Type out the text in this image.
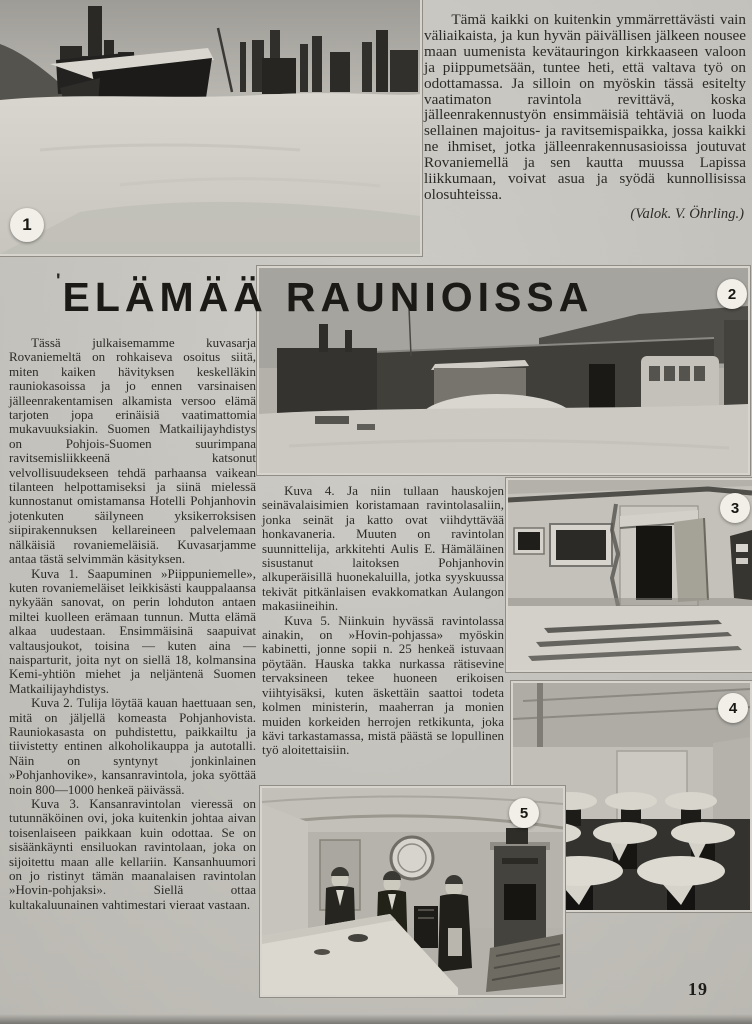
1

Tämä kaikki on kuitenkin ymmärrettävästi vain väliaikaista, ja kun hyvän päivällisen jälkeen nousee maan uumenista kevätauringon kirkkaaseen valoon ja piippumetsään, tuntee heti, että valtava työ on odottamassa. Ja silloin on myöskin tässä esitelty vaatimaton ravintola revittävä, koska jälleenrakennustyön ensimmäisiä tehtäviä on luoda sellainen majoitus- ja ravitsemispaikka, jossa kaikki ne ihmiset, jotka jälleenrakennusasioissa joutuvat Rovaniemellä ja sen kautta muussa Lapissa liikkumaan, voivat asua ja syödä kunnollisissa olosuhteissa.

(Valok. V. Öhrling.)
'ELÄMÄÄ RAUNIOISSA	2

Tässä julkaisemamme kuvasarja Rovaniemeltä on rohkaiseva osoitus siitä, miten kaiken hävityksen keskelläkin rauniokasoissa ja jo ennen varsinaisen jälleenrakentamisen alkamista versoo elämä tarjoten jopa erinäisiä vaatimattomia mukavuuksiakin. Suomen Matkailijayhdistys on Pohjois-Suomen suurimpana ravitsemisliikkeenä katsonut velvollisuudekseen tehdä parhaansa vaikean tilanteen helpottamiseksi ja siinä mielessä kunnostanut omistamansa Hotelli Pohjanhovin jotenkuten säilyneen yksikerroksisen siipirakennuksen kellareineen palvelemaan nälkäisiä rovaniemeläisiä. Kuvasarjamme antaa tästä selvimmän käsityksen.

Kuva 1. Saapuminen »Piippuniemelle», kuten rovaniemeläiset leikkisästi kauppalaansa nykyään sanovat, on perin lohduton antaen miltei kuolleen erämaan tunnun. Mutta elämä alkaa uudestaan. Ensimmäisinä saapuivat valtausjoukot, toisina — kuten aina — naisparturit, joita nyt on siellä 18, kolmansina Kemi-yhtiön miehet ja neljäntenä Suomen Matkailijayhdistys.

Kuva 2. Tulija löytää kauan haettuaan sen, mitä on jäljellä komeasta Pohjanhovista. Rauniokasasta on puhdistettu, paikkailtu ja tiivistetty entinen alkoholikauppa ja autotalli. Näin on syntynyt jonkinlainen »Pohjanhovike», kansanravintola, joka syöttää noin 800—1000 henkeä päivässä.

Kuva 3. Kansanravintolan vieressä on tutunnäköinen ovi, joka kuitenkin johtaa aivan toisenlaiseen paikkaan kuin odottaa. Se on sisäänkäynti ensiluokan ravintolaan, joka on sijoitettu maan alle kellariin. Kansanhuumori on jo ristinyt tämän maanalaisen ravintolan »Hovin-pohjaksi». Siellä ottaa kultakaluunainen vahtimestari vieraat vastaan.

Kuva 4. Ja niin tullaan hauskojen seinävalaisimien koristamaan ravintolasaliin, jonka seinät ja katto ovat viihdyttävää honkavaneria. Muuten on ravintolan suunnittelija, arkkitehti Aulis E. Hämäläinen sisustanut laitoksen Pohjanhovin alkuperäisillä huonekaluilla, jotka syyskuussa tekivät pitkänlaisen evakkomatkan Aulangon makasiineihin.

Kuva 5. Niinkuin hyvässä ravintolassa ainakin, on »Hovin-pohjassa» myöskin kabinetti, jonne sopii n. 25 henkeä istuvaan pöytään. Hauska takka nurkassa rätisevine tervaksineen tekee huoneen erikoisen viihtyisäksi, kuten äskettäin saattoi todeta kolmen ministerin, maaherran ja monien muiden korkeiden herrojen retkikunta, joka kävi tarkastamassa, mistä päästä se lopullinen työ aloitettaisiin.

3
4
5
19
